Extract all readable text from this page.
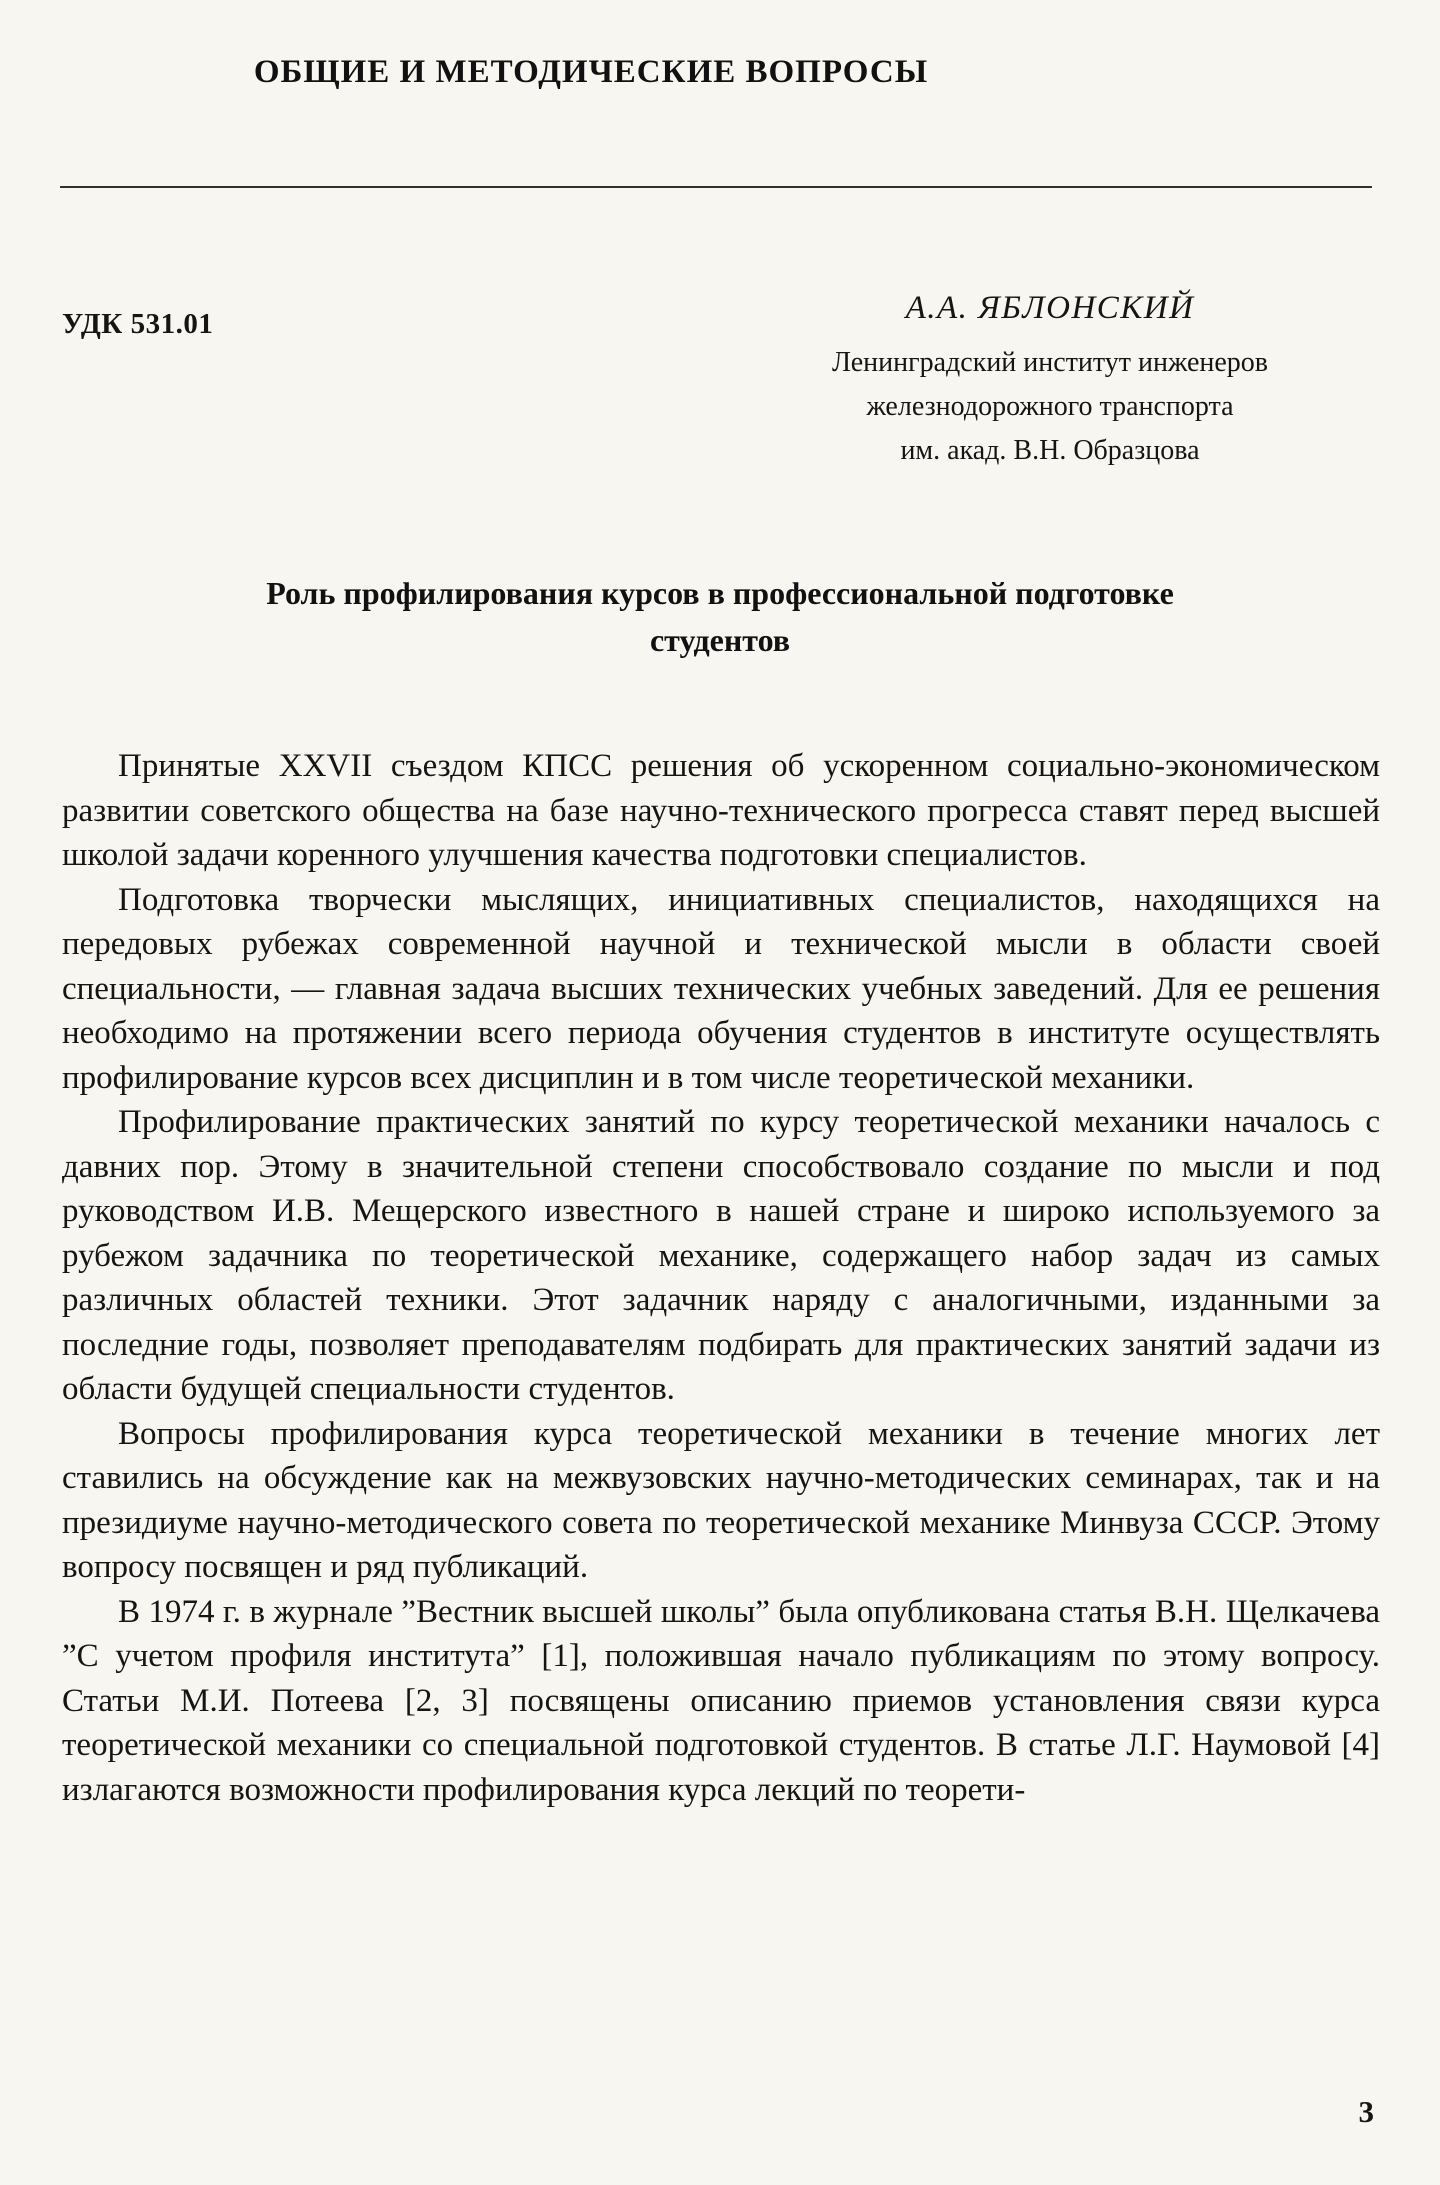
ОБЩИЕ И МЕТОДИЧЕСКИЕ ВОПРОСЫ
УДК 531.01	А.А. ЯБЛОНСКИЙ
Ленинградский институт инженеров
железнодорожного транспорта
им. акад. В.Н. Образцова
Роль профилирования курсов в профессиональной подготовке студентов

Принятые XXVII съездом КПСС решения об ускоренном социально-экономическом развитии советского общества на базе научно-технического прогресса ставят перед высшей школой задачи коренного улучшения качества подготовки специалистов.

Подготовка творчески мыслящих, инициативных специалистов, находящихся на передовых рубежах современной научной и технической мысли в области своей специальности, — главная задача высших технических учебных заведений. Для ее решения необходимо на протяжении всего периода обучения студентов в институте осуществлять профилирование курсов всех дисциплин и в том числе теоретической механики.

Профилирование практических занятий по курсу теоретической механики началось с давних пор. Этому в значительной степени способствовало создание по мысли и под руководством И.В. Мещерского известного в нашей стране и широко используемого за рубежом задачника по теоретической механике, содержащего набор задач из самых различных областей техники. Этот задачник наряду с аналогичными, изданными за последние годы, позволяет преподавателям подбирать для практических занятий задачи из области будущей специальности студентов.

Вопросы профилирования курса теоретической механики в течение многих лет ставились на обсуждение как на межвузовских научно-методических семинарах, так и на президиуме научно-методического совета по теоретической механике Минвуза СССР. Этому вопросу посвящен и ряд публикаций.

В 1974 г. в журнале ”Вестник высшей школы” была опубликована статья В.Н. Щелкачева ”С учетом профиля института” [1], положившая начало публикациям по этому вопросу. Статьи М.И. Потеева [2, 3] посвящены описанию приемов установления связи курса теоретической механики со специальной подготовкой студентов. В статье Л.Г. Наумовой [4] излагаются возможности профилирования курса лекций по теорети-

3
